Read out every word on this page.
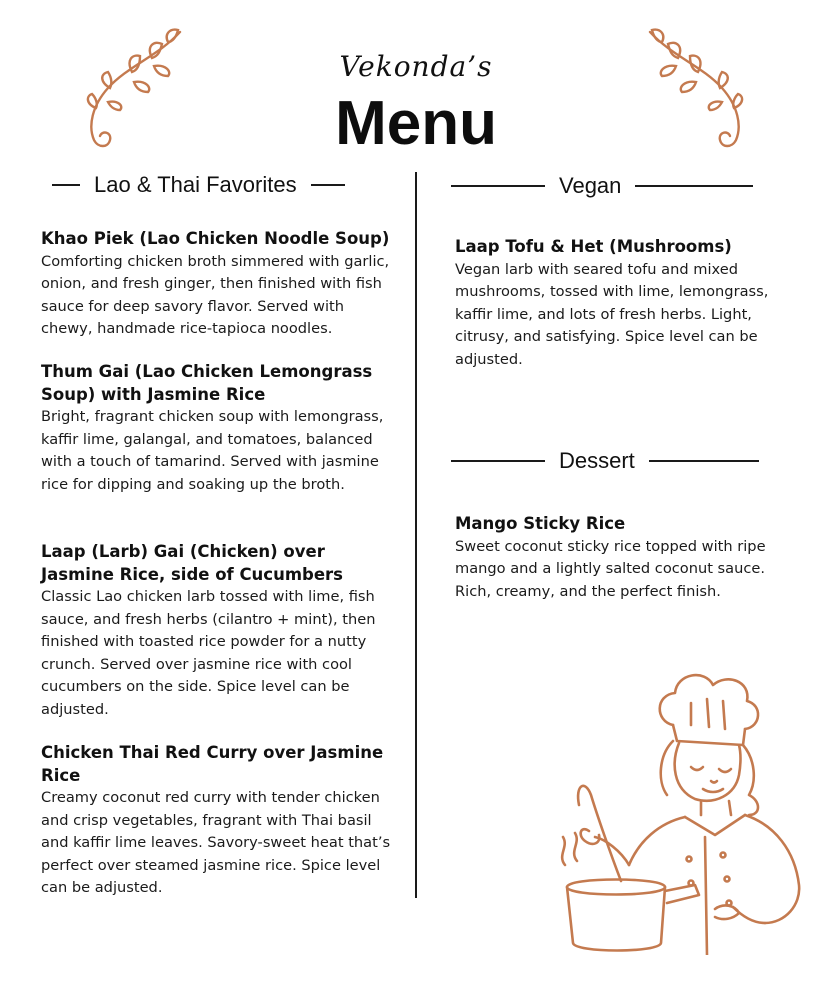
Vekonda’s
Menu
Lao & Thai Favorites
Khao Piek (Lao Chicken Noodle Soup)
Comforting chicken broth simmered with garlic, onion, and fresh ginger, then finished with fish sauce for deep savory flavor. Served with chewy, handmade rice-tapioca noodles.
Thum Gai (Lao Chicken Lemongrass Soup) with Jasmine Rice
Bright, fragrant chicken soup with lemongrass, kaffir lime, galangal, and tomatoes, balanced with a touch of tamarind. Served with jasmine rice for dipping and soaking up the broth.
Laap (Larb) Gai (Chicken) over Jasmine Rice, side of Cucumbers
Classic Lao chicken larb tossed with lime, fish sauce, and fresh herbs (cilantro + mint), then finished with toasted rice powder for a nutty crunch. Served over jasmine rice with cool cucumbers on the side. Spice level can be adjusted.
Chicken Thai Red Curry over Jasmine Rice
Creamy coconut red curry with tender chicken and crisp vegetables, fragrant with Thai basil and kaffir lime leaves. Savory-sweet heat that’s perfect over steamed jasmine rice. Spice level can be adjusted.
Vegan
Laap Tofu & Het (Mushrooms)
Vegan larb with seared tofu and mixed mushrooms, tossed with lime, lemongrass, kaffir lime, and lots of fresh herbs. Light, citrusy, and satisfying. Spice level can be adjusted.
Dessert
Mango Sticky Rice
Sweet coconut sticky rice topped with ripe mango and a lightly salted coconut sauce. Rich, creamy, and the perfect finish.
